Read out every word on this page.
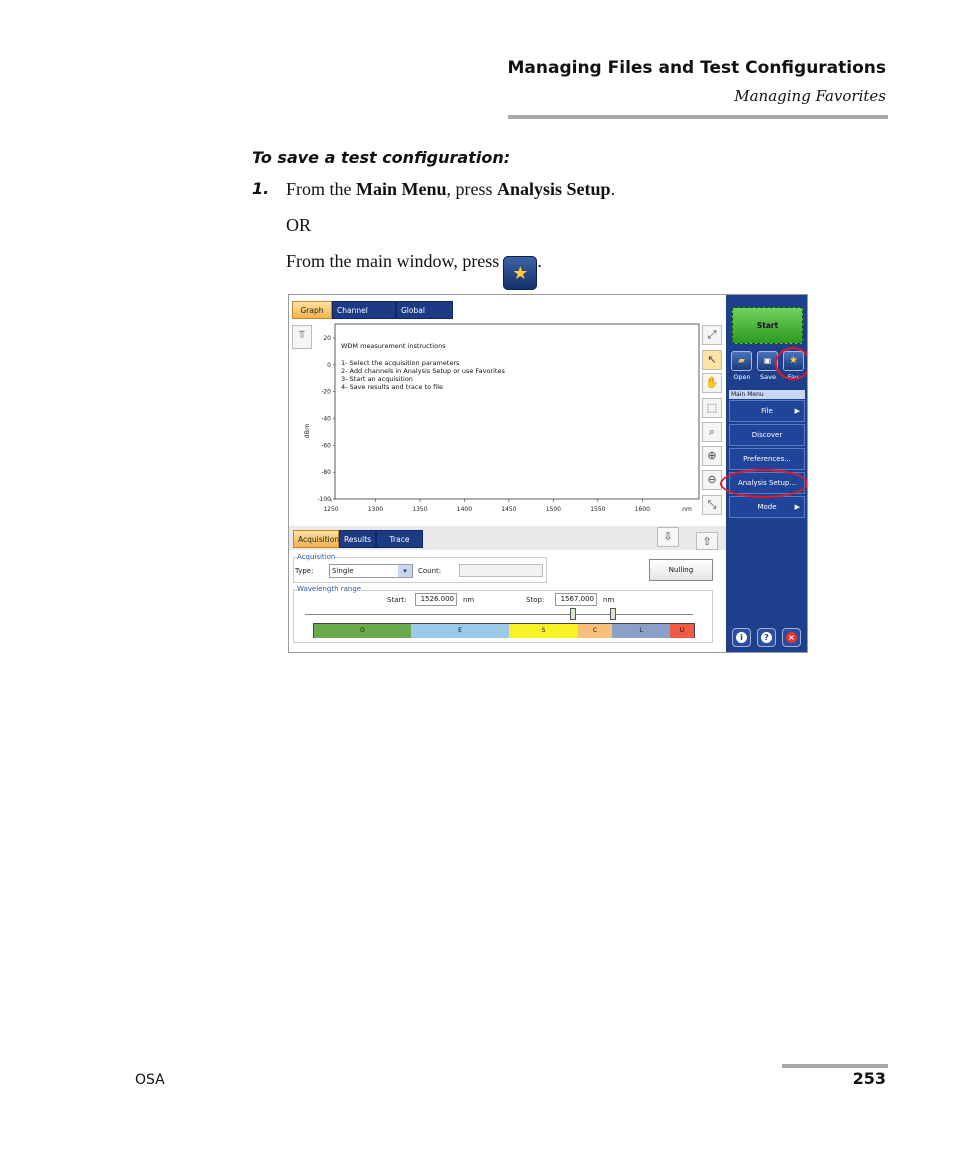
Managing Files and Test Configurations
Managing Favorites
To save a test configuration:
1. From the Main Menu, press Analysis Setup.
OR
From the main window, press★.
Graph	Channel	Global
⫪	20
0
-20
-40
-60
-80
-100
1250	1300	1350	1400	1450	1500	1550	1600
dBm
nm
WDM measurement instructions
1- Select the acquisition parameters
2- Add channels in Analysis Setup or use Favorites
3- Start an acquisition
4- Save results and trace to file
⤢
↖
✋
⬚
⌕
⊕
⊖
⤡
Acquisition Results	Trace Info.
⇩	⇧
Acquisition
Type:	Single	▾	Count:	Nulling
Wavelength range
Start:	1526.000	nm	Stop:	1567.000	nm
O	E	S	C	L	U
Start
▰	▣	★
Open	Save	Fav.
Main Menu
File	▶
Discover
Preferences...
Analysis Setup...
Mode	▶
i	?	×
OSA	253
